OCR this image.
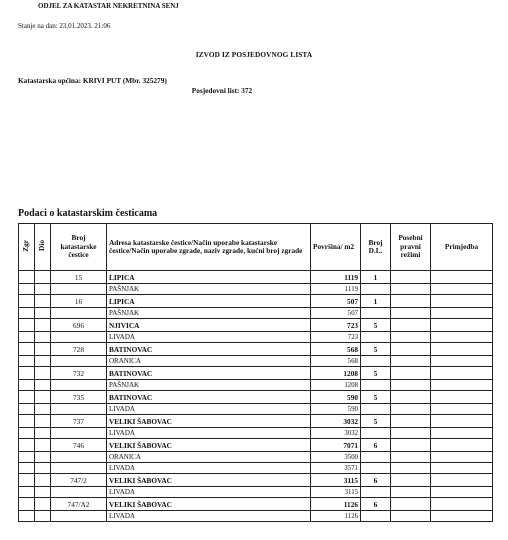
ODJEL ZA KATASTAR NEKRETNINA SENJ
Stanje na dan: 23.01.2023. 21:06
IZVOD IZ POSJEDOVNOG LISTA
Katastarska općina: KRIVI PUT (Mbr. 325279)
Posjedovni list: 372
Podaci o katastarskim česticama
Zgr	Dio	Broj katastarske čestice	Adresa katastarske čestice/Način uporabe katastarske čestice/Način uporabe zgrade, naziv zgrade, kućni broj zgrade	Površina/ m2	Broj D.L.	Posebni pravni režimi	Primjedba
		15	LIPICA	1119	1		
			PAŠNJAK	1119			
		16	LIPICA	507	1		
			PAŠNJAK	507			
		696	NJIVICA	723	5		
			LIVADA	723			
		728	BATINOVAC	568	5		
			ORANICA	568			
		732	BATINOVAC	1208	5		
			PAŠNJAK	1208			
		735	BATINOVAC	590	5		
			LIVADA	590			
		737	VELIKI ŠABOVAC	3032	5		
			LIVADA	3032			
		746	VELIKI ŠABOVAC	7071	6		
			ORANICA	3500			
			LIVADA	3571			
		747/2	VELIKI ŠABOVAC	3115	6		
			LIVADA	3115			
		747/A2	VELIKI ŠABOVAC	1126	6		
			LIVADA	1126			
